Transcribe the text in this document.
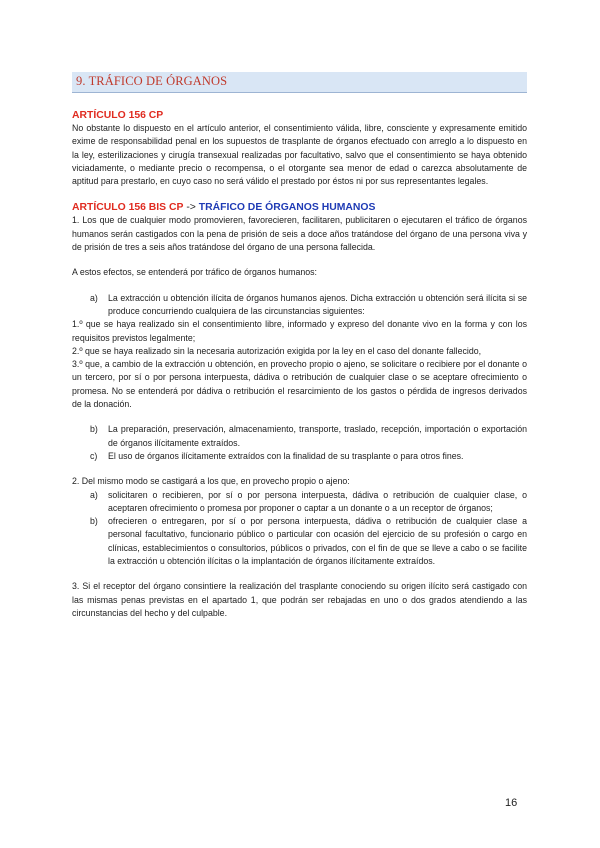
9. TRÁFICO DE ÓRGANOS
ARTÍCULO 156 CP

No obstante lo dispuesto en el artículo anterior, el consentimiento válida, libre, consciente y expresamente emitido exime de responsabilidad penal en los supuestos de trasplante de órganos efectuado con arreglo a lo dispuesto en la ley, esterilizaciones y cirugía transexual realizadas por facultativo, salvo que el consentimiento se haya obtenido viciadamente, o mediante precio o recompensa, o el otorgante sea menor de edad o carezca absolutamente de aptitud para prestarlo, en cuyo caso no será válido el prestado por éstos ni por sus representantes legales.

ARTÍCULO 156 BIS CP -> TRÁFICO DE ÓRGANOS HUMANOS

1. Los que de cualquier modo promovieren, favorecieren, facilitaren, publicitaren o ejecutaren el tráfico de órganos humanos serán castigados con la pena de prisión de seis a doce años tratándose del órgano de una persona viva y de prisión de tres a seis años tratándose del órgano de una persona fallecida.

A estos efectos, se entenderá por tráfico de órganos humanos:

a) La extracción u obtención ilícita de órganos humanos ajenos. Dicha extracción u obtención será ilícita si se produce concurriendo cualquiera de las circunstancias siguientes:

1.º que se haya realizado sin el consentimiento libre, informado y expreso del donante vivo en la forma y con los requisitos previstos legalmente;

2.º que se haya realizado sin la necesaria autorización exigida por la ley en el caso del donante fallecido,

3.º que, a cambio de la extracción u obtención, en provecho propio o ajeno, se solicitare o recibiere por el donante o un tercero, por sí o por persona interpuesta, dádiva o retribución de cualquier clase o se aceptare ofrecimiento o promesa. No se entenderá por dádiva o retribución el resarcimiento de los gastos o pérdida de ingresos derivados de la donación.

b) La preparación, preservación, almacenamiento, transporte, traslado, recepción, importación o exportación de órganos ilícitamente extraídos.
c) El uso de órganos ilícitamente extraídos con la finalidad de su trasplante o para otros fines.

2. Del mismo modo se castigará a los que, en provecho propio o ajeno:

a) solicitaren o recibieren, por sí o por persona interpuesta, dádiva o retribución de cualquier clase, o aceptaren ofrecimiento o promesa por proponer o captar a un donante o a un receptor de órganos;
b) ofrecieren o entregaren, por sí o por persona interpuesta, dádiva o retribución de cualquier clase a personal facultativo, funcionario público o particular con ocasión del ejercicio de su profesión o cargo en clínicas, establecimientos o consultorios, públicos o privados, con el fin de que se lleve a cabo o se facilite la extracción u obtención ilícitas o la implantación de órganos ilícitamente extraídos.

3. Si el receptor del órgano consintiere la realización del trasplante conociendo su origen ilícito será castigado con las mismas penas previstas en el apartado 1, que podrán ser rebajadas en uno o dos grados atendiendo a las circunstancias del hecho y del culpable.

16
